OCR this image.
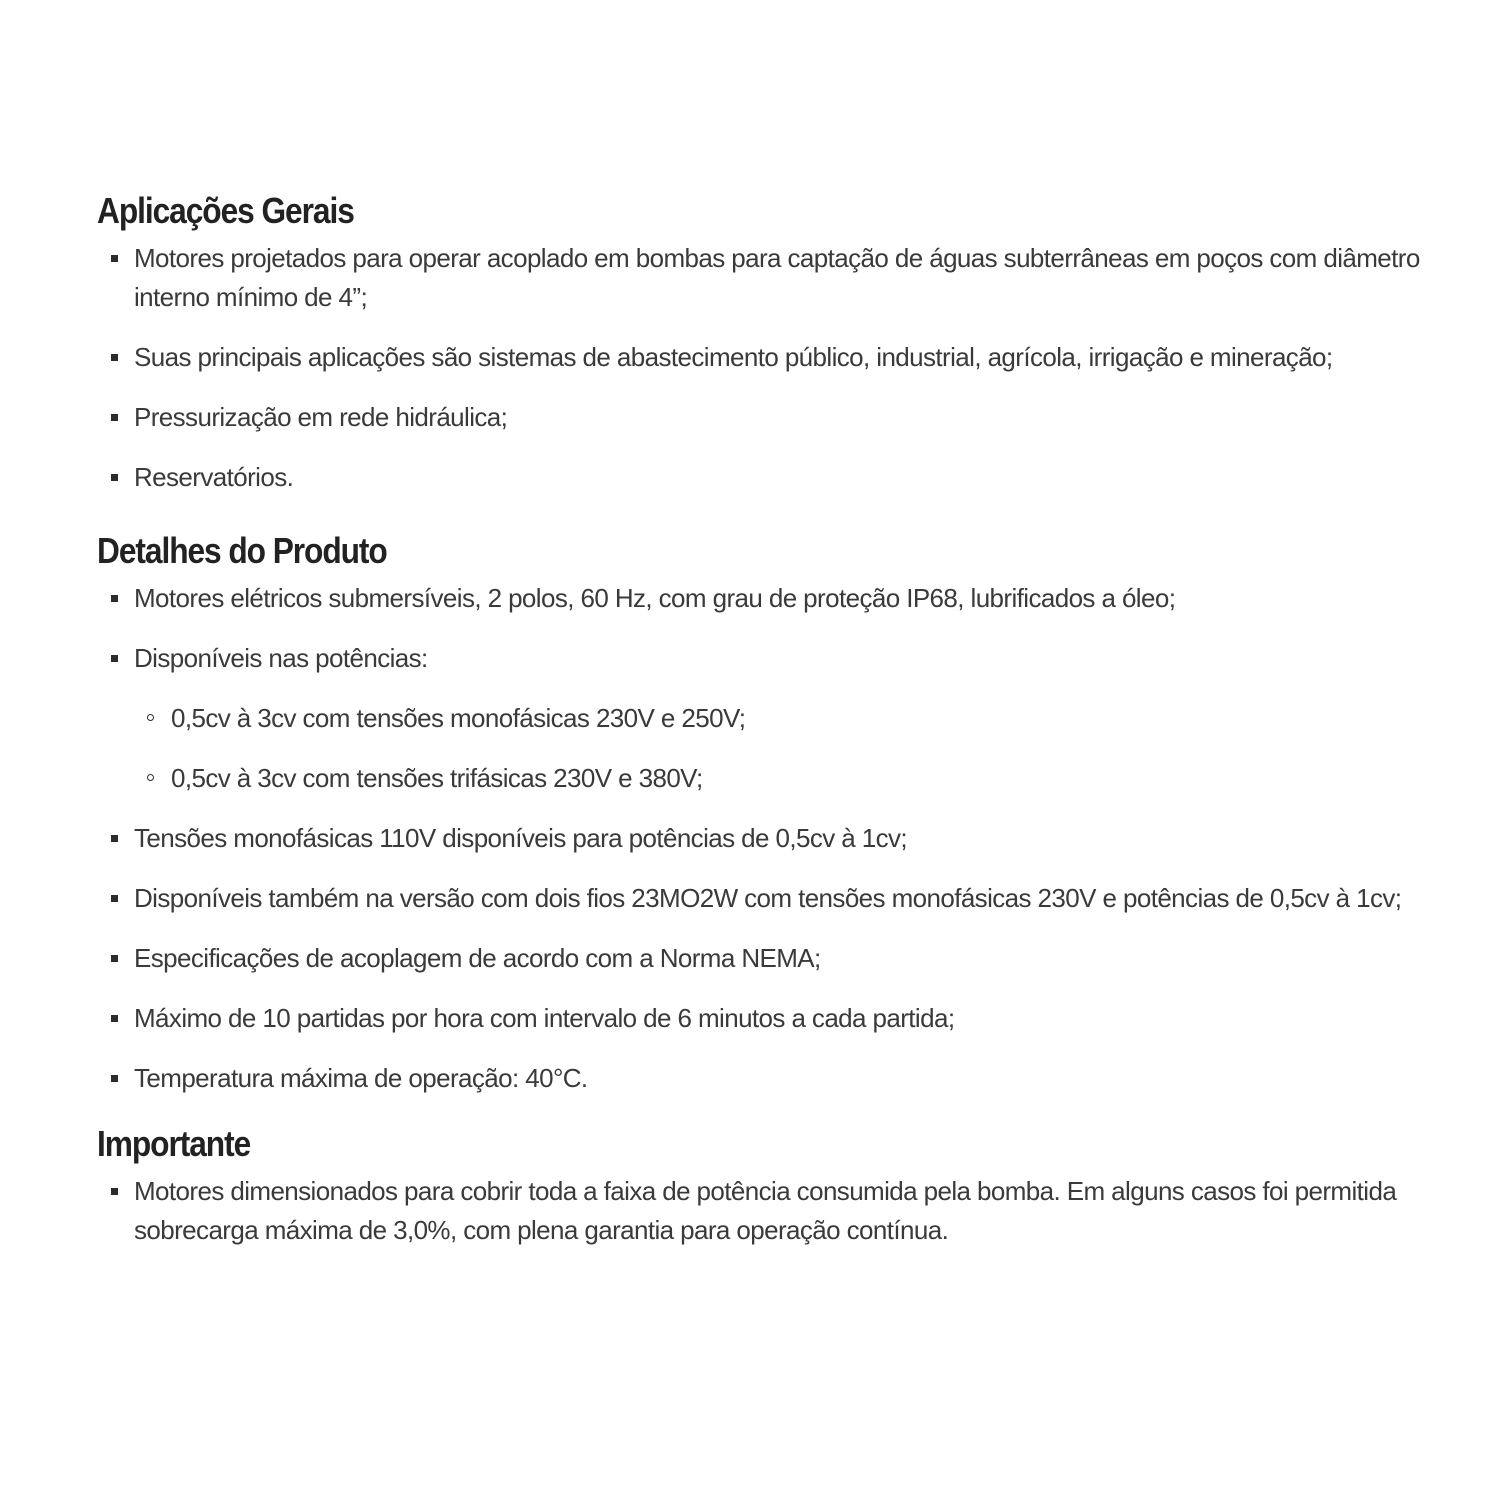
Aplicações Gerais
Motores projetados para operar acoplado em bombas para captação de águas subterrâneas em poços com diâmetro interno mínimo de 4”;
Suas principais aplicações são sistemas de abastecimento público, industrial, agrícola, irrigação e mineração;
Pressurização em rede hidráulica;
Reservatórios.
Detalhes do Produto
Motores elétricos submersíveis, 2 polos, 60 Hz, com grau de proteção IP68, lubrificados a óleo;
Disponíveis nas potências:
0,5cv à 3cv com tensões monofásicas 230V e 250V;
0,5cv à 3cv com tensões trifásicas 230V e 380V;
Tensões monofásicas 110V disponíveis para potências de 0,5cv à 1cv;
Disponíveis também na versão com dois fios 23MO2W com tensões monofásicas 230V e potências de 0,5cv à 1cv;
Especificações de acoplagem de acordo com a Norma NEMA;
Máximo de 10 partidas por hora com intervalo de 6 minutos a cada partida;
Temperatura máxima de operação: 40°C.
Importante
Motores dimensionados para cobrir toda a faixa de potência consumida pela bomba. Em alguns casos foi permitida sobrecarga máxima de 3,0%, com plena garantia para operação contínua.
